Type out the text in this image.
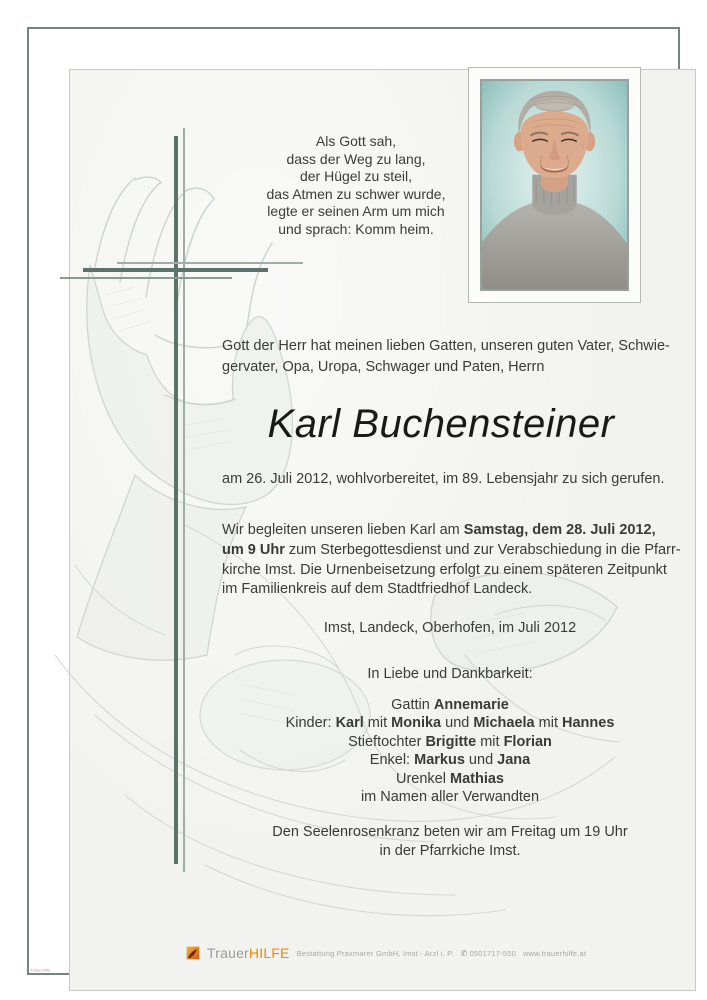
Als Gott sah,
dass der Weg zu lang,
der Hügel zu steil,
das Atmen zu schwer wurde,
legte er seinen Arm um mich
und sprach: Komm heim.
Gott der Herr hat meinen lieben Gatten, unseren guten Vater, Schwie-
gervater, Opa, Uropa, Schwager und Paten, Herrn
Karl Buchensteiner
am 26. Juli 2012, wohlvorbereitet, im 89. Lebensjahr zu sich gerufen.
Wir begleiten unseren lieben Karl am Samstag, dem 28. Juli 2012,
um 9 Uhr zum Sterbegottesdienst und zur Verabschiedung in die Pfarr-
kirche Imst. Die Urnenbeisetzung erfolgt zu einem späteren Zeitpunkt
im Familienkreis auf dem Stadtfriedhof Landeck.
Imst, Landeck, Oberhofen, im Juli 2012
In Liebe und Dankbarkeit:
Gattin Annemarie
Kinder: Karl mit Monika und Michaela mit Hannes
Stieftochter Brigitte mit Florian
Enkel: Markus und Jana
Urenkel Mathias
im Namen aller Verwandten
Den Seelenrosenkranz beten wir am Freitag um 19 Uhr
in der Pfarrkiche Imst.
TrauerHILFE Bestattung Praxmarer GmbH, Imst - Arzl i. P. ✆ 0501717-550 www.trauerhilfe.at
© TrauerHilfe
